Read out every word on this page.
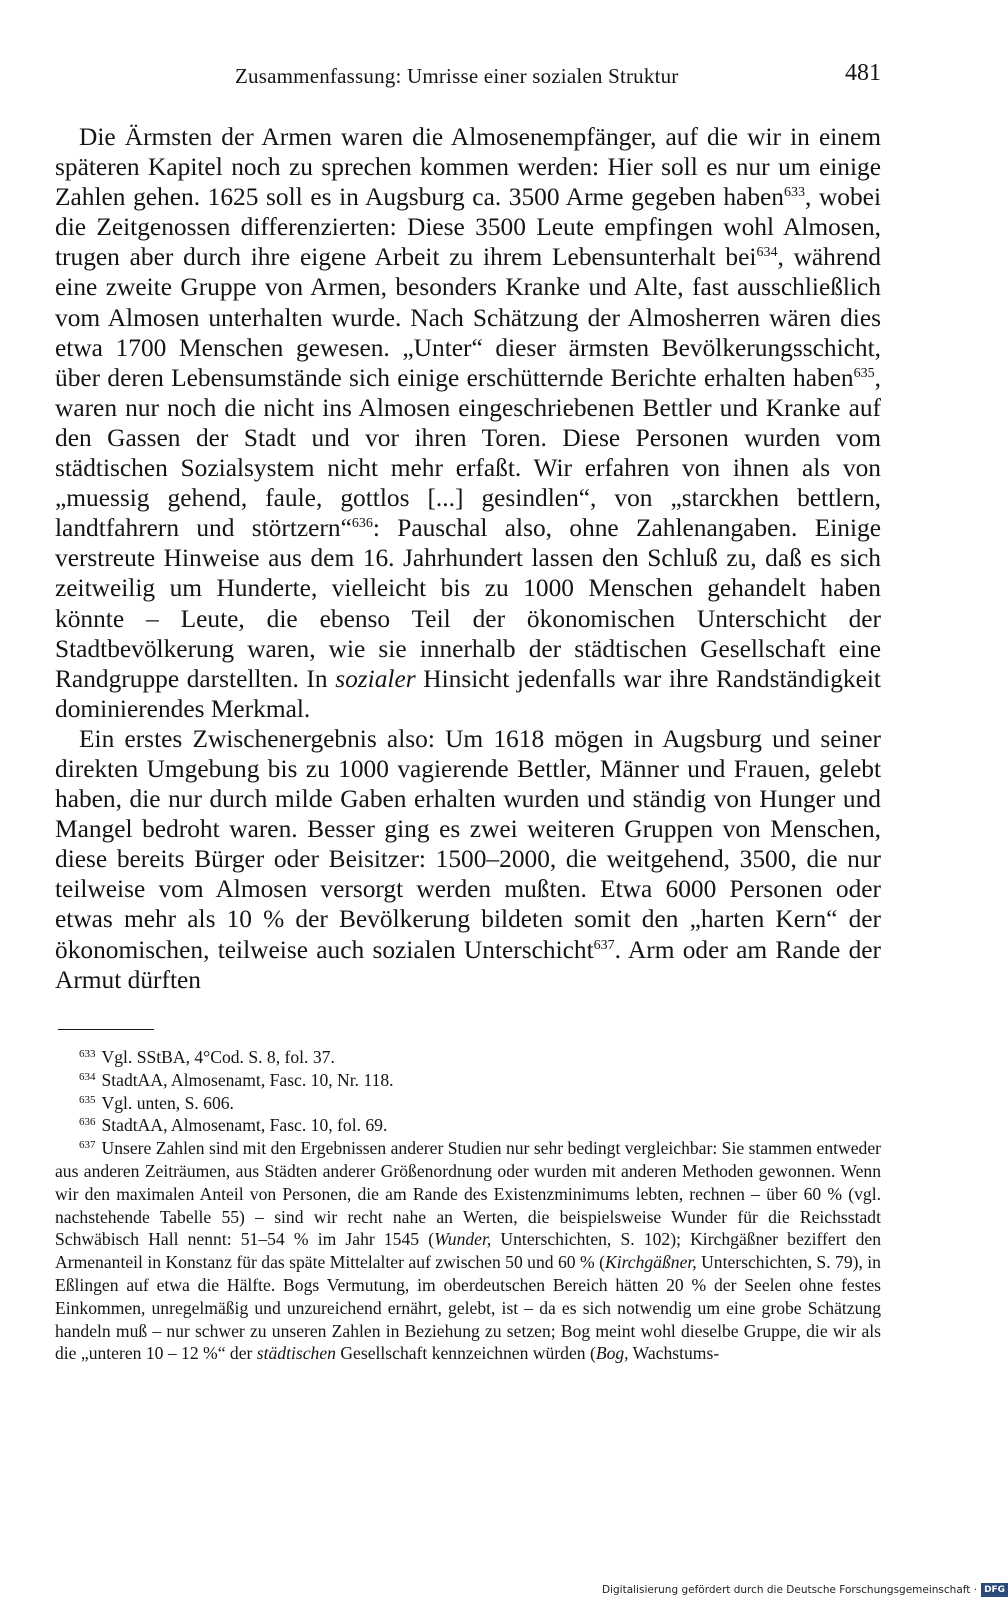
Zusammenfassung: Umrisse einer sozialen Struktur	481

Die Ärmsten der Armen waren die Almosenempfänger, auf die wir in einem späteren Kapitel noch zu sprechen kommen werden: Hier soll es nur um einige Zahlen gehen. 1625 soll es in Augsburg ca. 3500 Arme gegeben haben$^{633}$, wobei die Zeitgenossen differenzierten: Diese 3500 Leute empfingen wohl Almosen, trugen aber durch ihre eigene Arbeit zu ihrem Lebensunterhalt bei$^{634}$, während eine zweite Gruppe von Armen, besonders Kranke und Alte, fast ausschließlich vom Almosen unterhalten wurde. Nach Schätzung der Almosherren wären dies etwa 1700 Menschen gewesen. „Unter“ dieser ärmsten Bevölkerungsschicht, über deren Lebensumstände sich einige erschütternde Berichte erhalten haben$^{635}$, waren nur noch die nicht ins Almosen eingeschriebenen Bettler und Kranke auf den Gassen der Stadt und vor ihren Toren. Diese Personen wurden vom städtischen Sozialsystem nicht mehr erfaßt. Wir erfahren von ihnen als von „muessig gehend, faule, gottlos [...] gesindlen“, von „starckhen bettlern, landtfahrern und störtzern“$^{636}$: Pauschal also, ohne Zahlenangaben. Einige verstreute Hinweise aus dem 16. Jahrhundert lassen den Schluß zu, daß es sich zeitweilig um Hunderte, vielleicht bis zu 1000 Menschen gehandelt haben könnte – Leute, die ebenso Teil der ökonomischen Unterschicht der Stadtbevölkerung waren, wie sie innerhalb der städtischen Gesellschaft eine Randgruppe darstellten. In sozialer Hinsicht jedenfalls war ihre Randständigkeit dominierendes Merkmal.

Ein erstes Zwischenergebnis also: Um 1618 mögen in Augsburg und seiner direkten Umgebung bis zu 1000 vagierende Bettler, Männer und Frauen, gelebt haben, die nur durch milde Gaben erhalten wurden und ständig von Hunger und Mangel bedroht waren. Besser ging es zwei weiteren Gruppen von Menschen, diese bereits Bürger oder Beisitzer: 1500–2000, die weitgehend, 3500, die nur teilweise vom Almosen versorgt werden mußten. Etwa 6000 Personen oder etwas mehr als 10 % der Bevölkerung bildeten somit den „harten Kern“ der ökonomischen, teilweise auch sozialen Unterschicht$^{637}$. Arm oder am Rande der Armut dürften

$^{633}$ Vgl. SStBA, 4°Cod. S. 8, fol. 37.

$^{634}$ StadtAA, Almosenamt, Fasc. 10, Nr. 118.

$^{635}$ Vgl. unten, S. 606.

$^{636}$ StadtAA, Almosenamt, Fasc. 10, fol. 69.

$^{637}$ Unsere Zahlen sind mit den Ergebnissen anderer Studien nur sehr bedingt vergleichbar: Sie stammen entweder aus anderen Zeiträumen, aus Städten anderer Größenordnung oder wurden mit anderen Methoden gewonnen. Wenn wir den maximalen Anteil von Personen, die am Rande des Existenzminimums lebten, rechnen – über 60 % (vgl. nachstehende Tabelle 55) – sind wir recht nahe an Werten, die beispielsweise Wunder für die Reichsstadt Schwäbisch Hall nennt: 51–54 % im Jahr 1545 (Wunder, Unterschichten, S. 102); Kirchgäßner beziffert den Armenanteil in Konstanz für das späte Mittelalter auf zwischen 50 und 60 % (Kirchgäßner, Unterschichten, S. 79), in Eßlingen auf etwa die Hälfte. Bogs Vermutung, im oberdeutschen Bereich hätten 20 % der Seelen ohne festes Einkommen, unregelmäßig und unzureichend ernährt, gelebt, ist – da es sich notwendig um eine grobe Schätzung handeln muß – nur schwer zu unseren Zahlen in Beziehung zu setzen; Bog meint wohl dieselbe Gruppe, die wir als die „unteren 10 – 12 %“ der städtischen Gesellschaft kennzeichnen würden (Bog, Wachstums-

Digitalisierung gefördert durch die Deutsche Forschungsgemeinschaft · DFG
